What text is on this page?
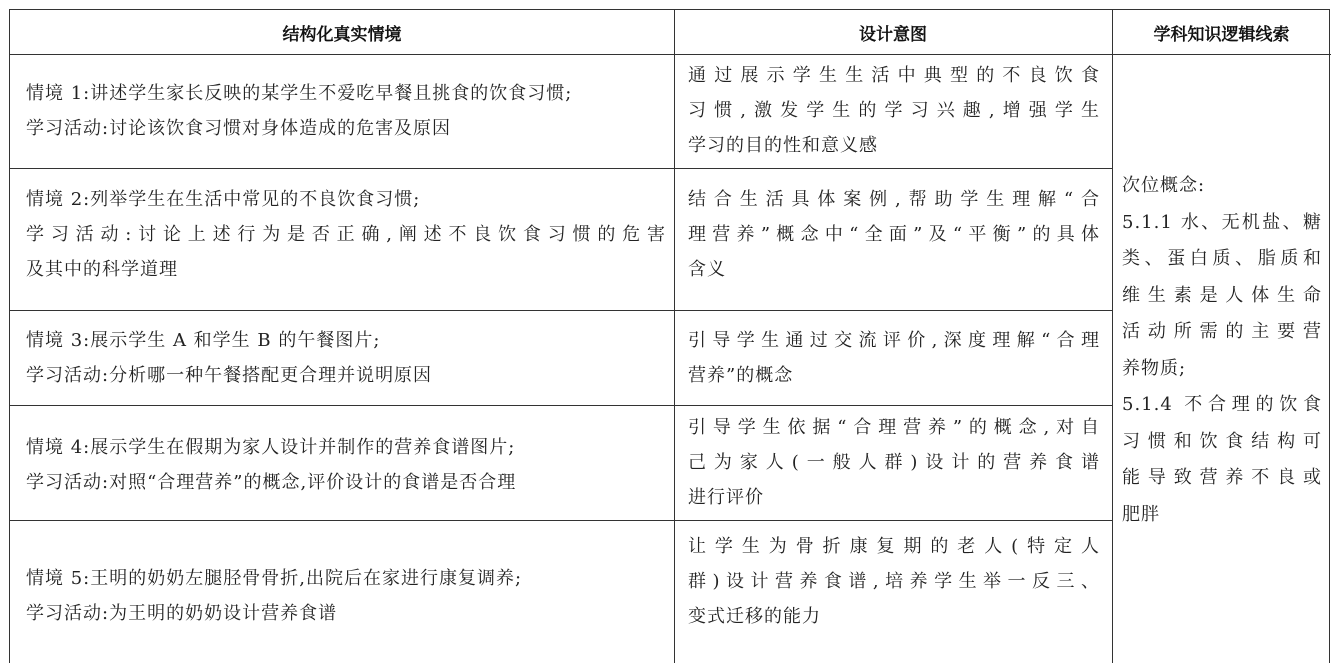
结构化真实情境	设计意图	学科知识逻辑线索
情境 1:讲述学生家长反映的某学生不爱吃早餐且挑食的饮食习惯;
学习活动:讨论该饮食习惯对身体造成的危害及原因
通过展示学生生活中典型的不良饮食
习惯,激发学生的学习兴趣,增强学生
学习的目的性和意义感
情境 2:列举学生在生活中常见的不良饮食习惯;
学习活动:讨论上述行为是否正确,阐述不良饮食习惯的危害
及其中的科学道理
结合生活具体案例,帮助学生理解“合
理营养”概念中“全面”及“平衡”的具体
含义
情境 3:展示学生 A 和学生 B 的午餐图片;
学习活动:分析哪一种午餐搭配更合理并说明原因
引导学生通过交流评价,深度理解“合理
营养”的概念
情境 4:展示学生在假期为家人设计并制作的营养食谱图片;
学习活动:对照“合理营养”的概念,评价设计的食谱是否合理
引导学生依据“合理营养”的概念,对自
己为家人(一般人群)设计的营养食谱
进行评价
情境 5:王明的奶奶左腿胫骨骨折,出院后在家进行康复调养;
学习活动:为王明的奶奶设计营养食谱
让学生为骨折康复期的老人(特定人
群)设计营养食谱,培养学生举一反三、
变式迁移的能力
次位概念:
5.1.1 水、无机盐、糖
类、蛋白质、脂质和
维生素是人体生命
活动所需的主要营
养物质;
5.1.4 不合理的饮食
习惯和饮食结构可
能导致营养不良或
肥胖
